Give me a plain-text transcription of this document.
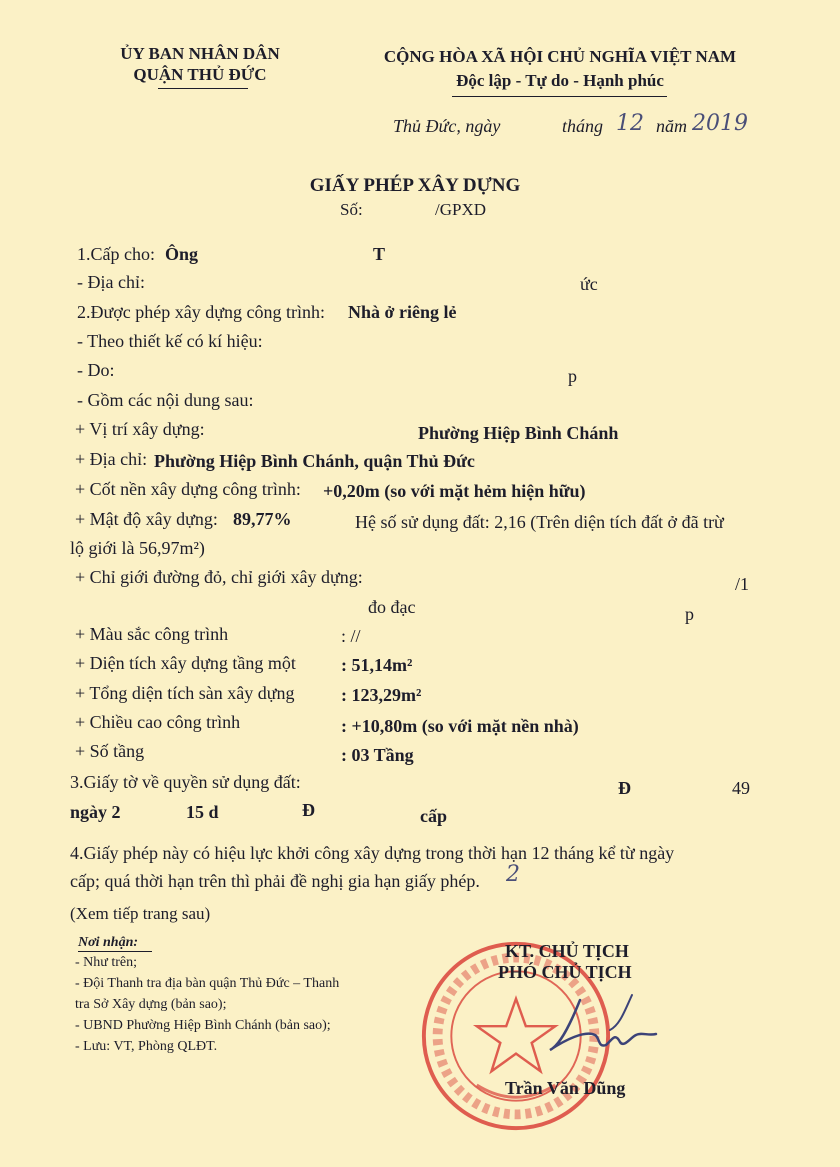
ỦY BAN NHÂN DÂN
QUẬN THỦ ĐỨC
CỘNG HÒA XÃ HỘI CHỦ NGHĨA VIỆT NAM
Độc lập - Tự do - Hạnh phúc
Thủ Đức, ngày	tháng 12 năm 2019
GIẤY PHÉP XÂY DỰNG
Số:	/GPXD
1.Cấp cho: Ông	T
- Địa chỉ:	ức
2.Được phép xây dựng công trình: Nhà ở riêng lẻ
- Theo thiết kế có kí hiệu:
- Do:	p
- Gồm các nội dung sau:
+ Vị trí xây dựng:	Phường Hiệp Bình Chánh
+ Địa chỉ: Phường Hiệp Bình Chánh, quận Thủ Đức
+ Cốt nền xây dựng công trình: +0,20m (so với mặt hẻm hiện hữu)
+ Mật độ xây dựng: 89,77%	Hệ số sử dụng đất: 2,16 (Trên diện tích đất ở đã trừ
lộ giới là 56,97m²)
+ Chỉ giới đường đỏ, chỉ giới xây dựng:	/1
đo đạc	p
+ Màu sắc công trình	: //
+ Diện tích xây dựng tầng một	: 51,14m²
+ Tổng diện tích sàn xây dựng	: 123,29m²
+ Chiều cao công trình	: +10,80m (so với mặt nền nhà)
+ Số tầng	: 03 Tầng
3.Giấy tờ về quyền sử dụng đất:	Đ	49
ngày 2	15 d	Đ	cấp
4.Giấy phép này có hiệu lực khởi công xây dựng trong thời hạn 12 tháng kể từ ngày
cấp; quá thời hạn trên thì phải đề nghị gia hạn giấy phép. 2
(Xem tiếp trang sau)
Nơi nhận:
- Như trên;
- Đội Thanh tra địa bàn quận Thủ Đức – Thanh
tra Sở Xây dựng (bản sao);
- UBND Phường Hiệp Bình Chánh (bản sao);
- Lưu: VT, Phòng QLĐT.
KT. CHỦ TỊCH
PHÓ CHỦ TỊCH
Trần Văn Dũng
